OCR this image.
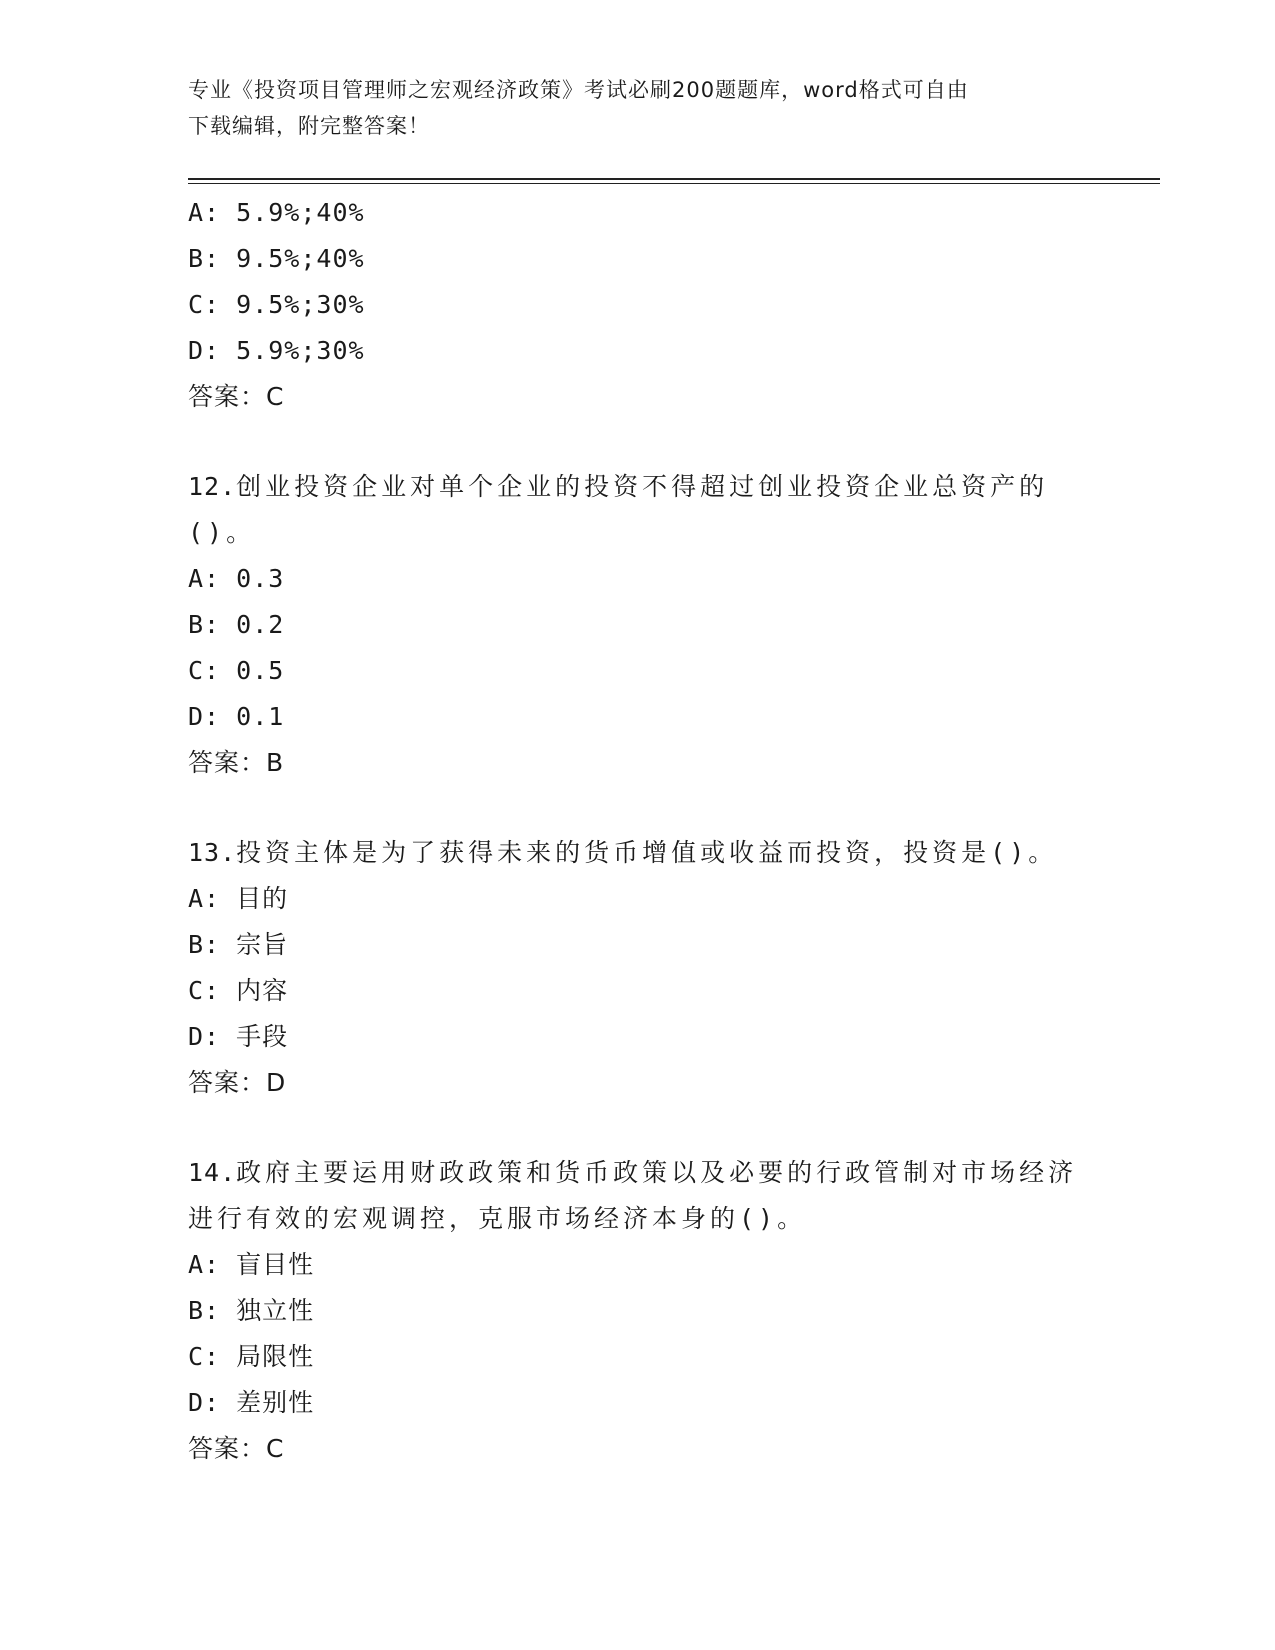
专业《投资项目管理师之宏观经济政策》考试必刷200题题库，word格式可自由
下载编辑，附完整答案！
A: 5.9%;40%
B: 9.5%;40%
C: 9.5%;30%
D: 5.9%;30%
答案：C
12.创业投资企业对单个企业的投资不得超过创业投资企业总资产的()。
A: 0.3
B: 0.2
C: 0.5
D: 0.1
答案：B
13.投资主体是为了获得未来的货币增值或收益而投资，投资是()。
A: 目的
B: 宗旨
C: 内容
D: 手段
答案：D
14.政府主要运用财政政策和货币政策以及必要的行政管制对市场经济进行有效的宏观调控，克服市场经济本身的()。
A: 盲目性
B: 独立性
C: 局限性
D: 差别性
答案：C
